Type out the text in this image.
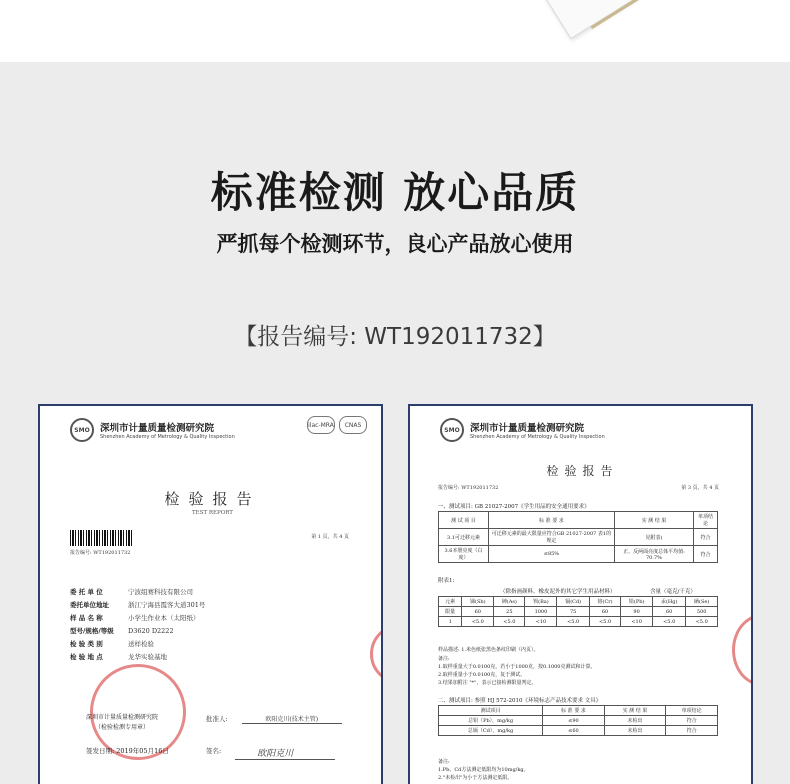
标准检测 放心品质
严抓每个检测环节，良心产品放心使用
【报告编号: WT192011732】
SMO	深圳市计量质量检测研究院
Shenzhen Academy of Metrology & Quality Inspection
ilac-MRA	CNAS
检验报告
TEST REPORT
报告编号: WT192011732
第 1 页，共 4 页
委 托 单 位	宁波组赛科技有限公司
委托单位地址	浙江宁海县霞客大道301号
样 品 名 称	小学生作业本（太阳纸）
型号/规格/等级	D3620 D2222
检 验 类 别	送样检验
检 验 地 点	龙华实验基地
深圳市计量质量检测研究院
（检验检测专用章）
批准人:	欧阳克川(技术主管)
签发日期: 2019年05月16日	签名:	欧阳克川
SMO	深圳市计量质量检测研究院
Shenzhen Academy of Metrology & Quality Inspection
检验报告
报告编号: WT192011732	第 3 页，共 4 页
一、测试项目: GB 21027-2007《学生用品的安全通用要求》
测 试 项 目	标 准 要 求	实 测 结 果	单项结论
3.1可迁移元素	可迁移元素的最大限量应符合GB 21027-2007 表1的规定	见附表)	符合
3.6本册亮度（白度）	≤85%	正、反两面亮度总体平均值: 70.7%	符合
附表1:
（除指画颜料、橡皮泥外的其它学生用品材料）	含量（毫克/千克）
元素	锑(Sb)	砷(As)	钡(Ba)	镉(Cd)	铬(Cr)	铅(Pb)	汞(Hg)	硒(Se)
限量	60	25	1000	75	60	90	60	500
1	<5.0	<5.0	<10	<5.0	<5.0	<10	<5.0	<5.0
样品描述: 1.米色纸张黑色条纹印刷（内页）。
备注:
1.取样重量大于0.0100克，若小于1000克，按0.1000克测试和计算。
2.取样重量小于0.0100克，复于测试。
3.结果加附注 "*"，表示已接检测限量判定。
二、测试项目: 参照 HJ 572-2010《环境标志产品技术要求 文具》
测试项目	标 准 要 求	实 测 结 果	单项结论
总铅（Pb），mg/kg	≤90	未检出	符合
总镉（Cd），mg/kg	≤60	未检出	符合
备注:
1.Pb、Cd方法测定低限均为10mg/kg。
2."未检出"为小于方法测定低限。
